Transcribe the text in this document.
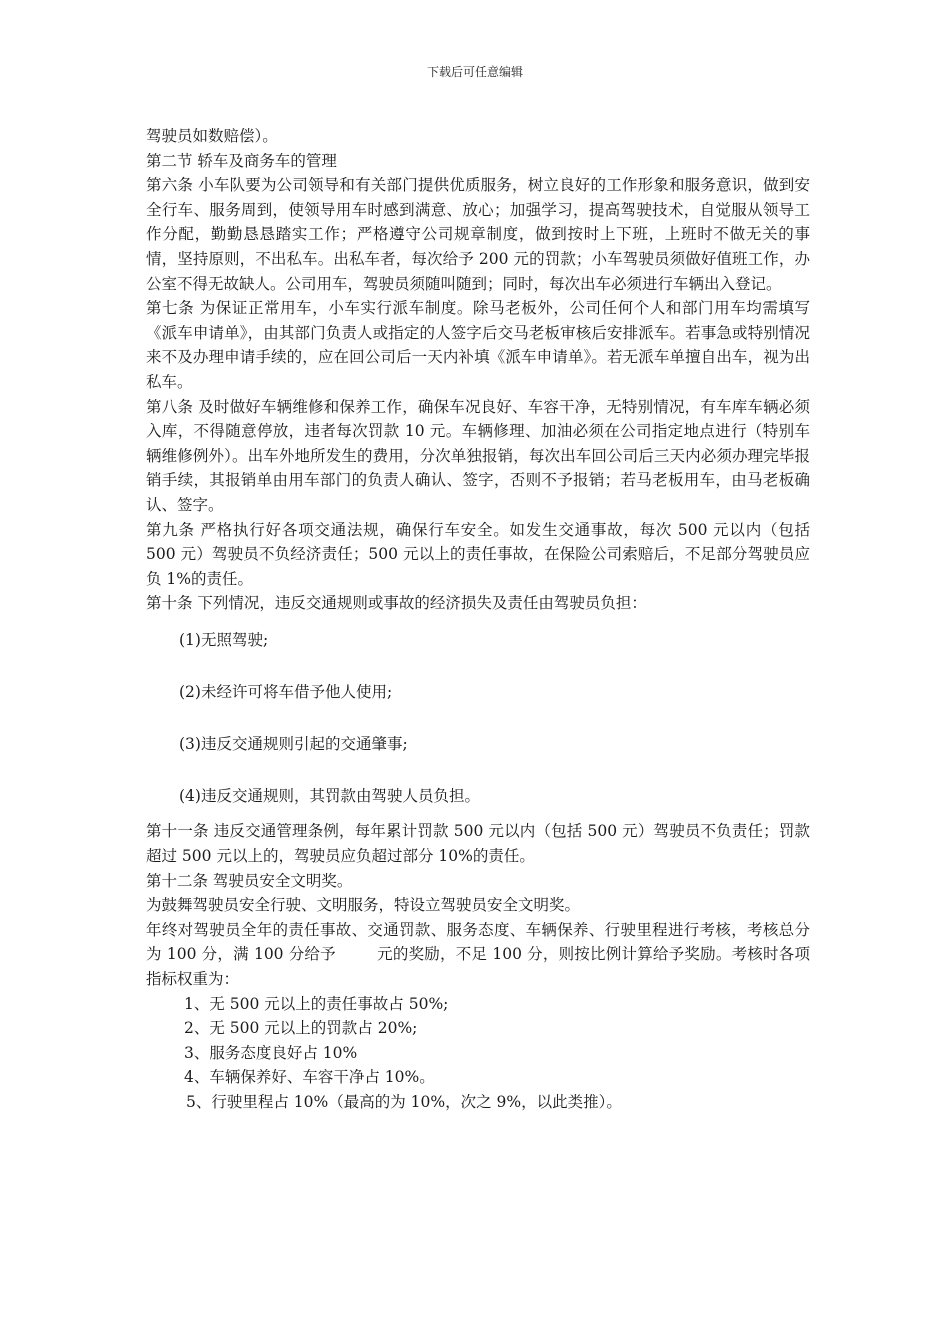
下载后可任意编辑

驾驶员如数赔偿）。

第二节 轿车及商务车的管理

第六条 小车队要为公司领导和有关部门提供优质服务，树立良好的工作形象和服务意识，做到安全行车、服务周到，使领导用车时感到满意、放心；加强学习，提高驾驶技术，自觉服从领导工作分配，勤勤恳恳踏实工作；严格遵守公司规章制度，做到按时上下班，上班时不做无关的事情，坚持原则，不出私车。出私车者，每次给予 200 元的罚款；小车驾驶员须做好值班工作，办公室不得无故缺人。公司用车，驾驶员须随叫随到；同时，每次出车必须进行车辆出入登记。

第七条 为保证正常用车，小车实行派车制度。除马老板外，公司任何个人和部门用车均需填写《派车申请单》，由其部门负责人或指定的人签字后交马老板审核后安排派车。若事急或特别情况来不及办理申请手续的，应在回公司后一天内补填《派车申请单》。若无派车单擅自出车，视为出私车。

第八条 及时做好车辆维修和保养工作，确保车况良好、车容干净，无特别情况，有车库车辆必须入库，不得随意停放，违者每次罚款 10 元。车辆修理、加油必须在公司指定地点进行（特别车辆维修例外）。出车外地所发生的费用，分次单独报销，每次出车回公司后三天内必须办理完毕报销手续，其报销单由用车部门的负责人确认、签字，否则不予报销；若马老板用车，由马老板确认、签字。

第九条 严格执行好各项交通法规，确保行车安全。如发生交通事故，每次 500 元以内（包括 500 元）驾驶员不负经济责任；500 元以上的责任事故，在保险公司索赔后，不足部分驾驶员应负 1%的责任。

第十条 下列情况，违反交通规则或事故的经济损失及责任由驾驶员负担：

(1)无照驾驶;

(2)未经许可将车借予他人使用;

(3)违反交通规则引起的交通肇事;

(4)违反交通规则，其罚款由驾驶人员负担。

第十一条 违反交通管理条例，每年累计罚款 500 元以内（包括 500 元）驾驶员不负责任；罚款超过 500 元以上的，驾驶员应负超过部分 10%的责任。

第十二条 驾驶员安全文明奖。

为鼓舞驾驶员安全行驶、文明服务，特设立驾驶员安全文明奖。

年终对驾驶员全年的责任事故、交通罚款、服务态度、车辆保养、行驶里程进行考核，考核总分为 100 分，满 100 分给予        元的奖励，不足 100 分，则按比例计算给予奖励。考核时各项指标权重为：

1、无 500 元以上的责任事故占 50%;

2、无 500 元以上的罚款占 20%;

3、服务态度良好占 10%

4、车辆保养好、车容干净占 10%。

5、行驶里程占 10%（最高的为 10%，次之 9%，以此类推）。
